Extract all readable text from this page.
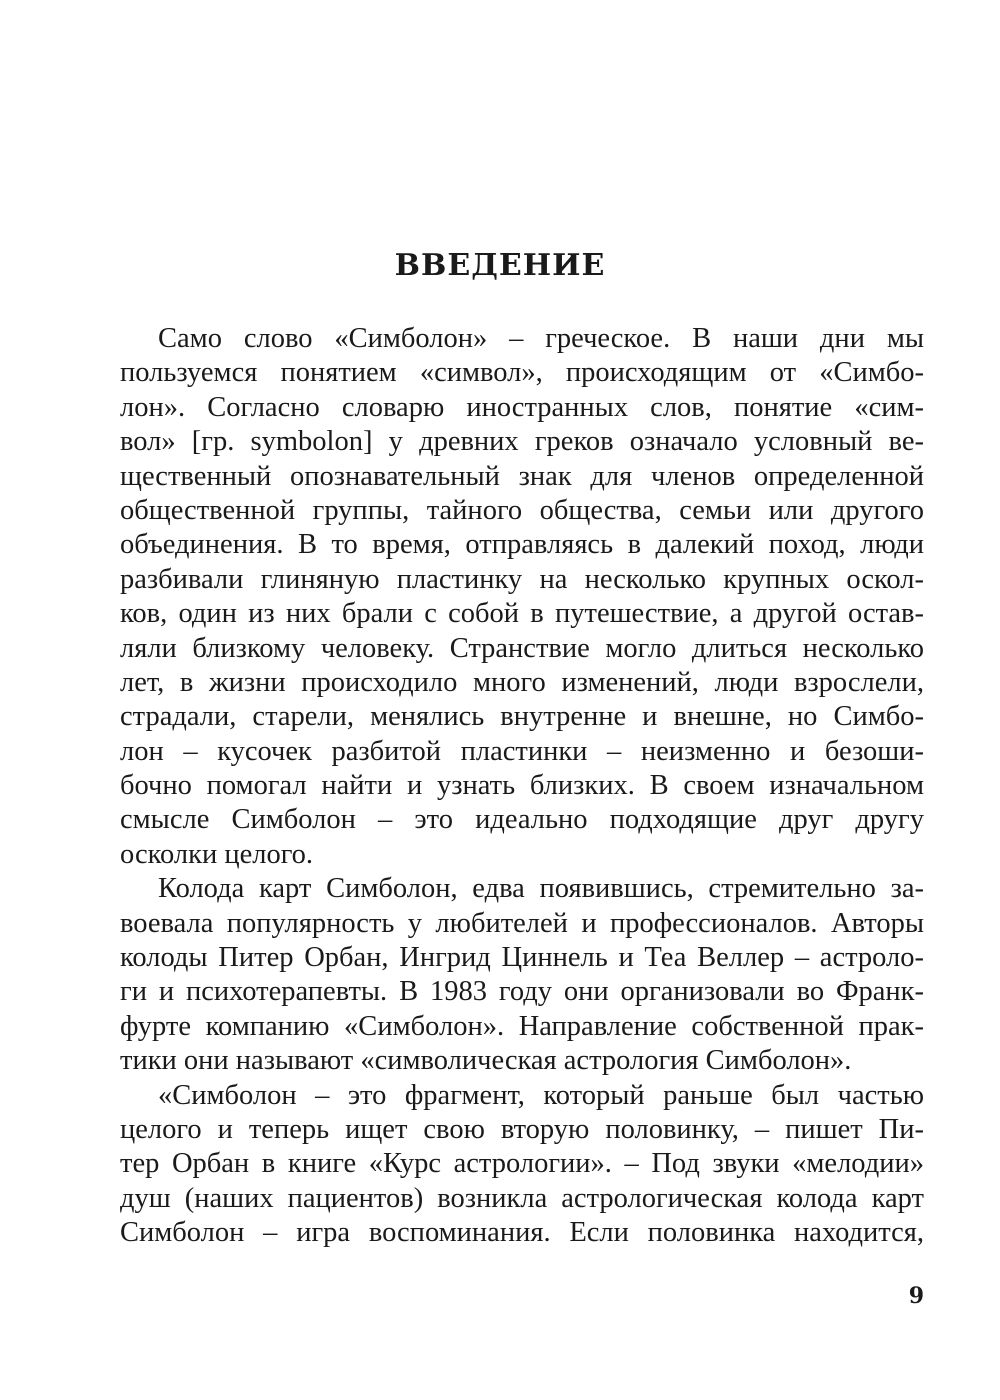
ВВЕДЕНИЕ
Само слово «Симболон» – греческое. В наши дни мы
пользуемся понятием «символ», происходящим от «Симбо-
лон». Согласно словарю иностранных слов, понятие «сим-
вол» [гр. symbolon] у древних греков означало условный ве-
щественный опознавательный знак для членов определенной
общественной группы, тайного общества, семьи или другого
объединения. В то время, отправляясь в далекий поход, люди
разбивали глиняную пластинку на несколько крупных оскол-
ков, один из них брали с собой в путешествие, а другой остав-
ляли близкому человеку. Странствие могло длиться несколько
лет, в жизни происходило много изменений, люди взрослели,
страдали, старели, менялись внутренне и внешне, но Симбо-
лон – кусочек разбитой пластинки – неизменно и безоши-
бочно помогал найти и узнать близких. В своем изначальном
смысле Симболон – это идеально подходящие друг другу
осколки целого.
Колода карт Симболон, едва появившись, стремительно за-
воевала популярность у любителей и профессионалов. Авторы
колоды Питер Орбан, Ингрид Циннель и Теа Веллер – астроло-
ги и психотерапевты. В 1983 году они организовали во Франк-
фурте компанию «Симболон». Направление собственной прак-
тики они называют «символическая астрология Симболон».
«Симболон – это фрагмент, который раньше был частью
целого и теперь ищет свою вторую половинку, – пишет Пи-
тер Орбан в книге «Курс астрологии». – Под звуки «мелодии»
душ (наших пациентов) возникла астрологическая колода карт
Симболон – игра воспоминания. Если половинка находится,

9
